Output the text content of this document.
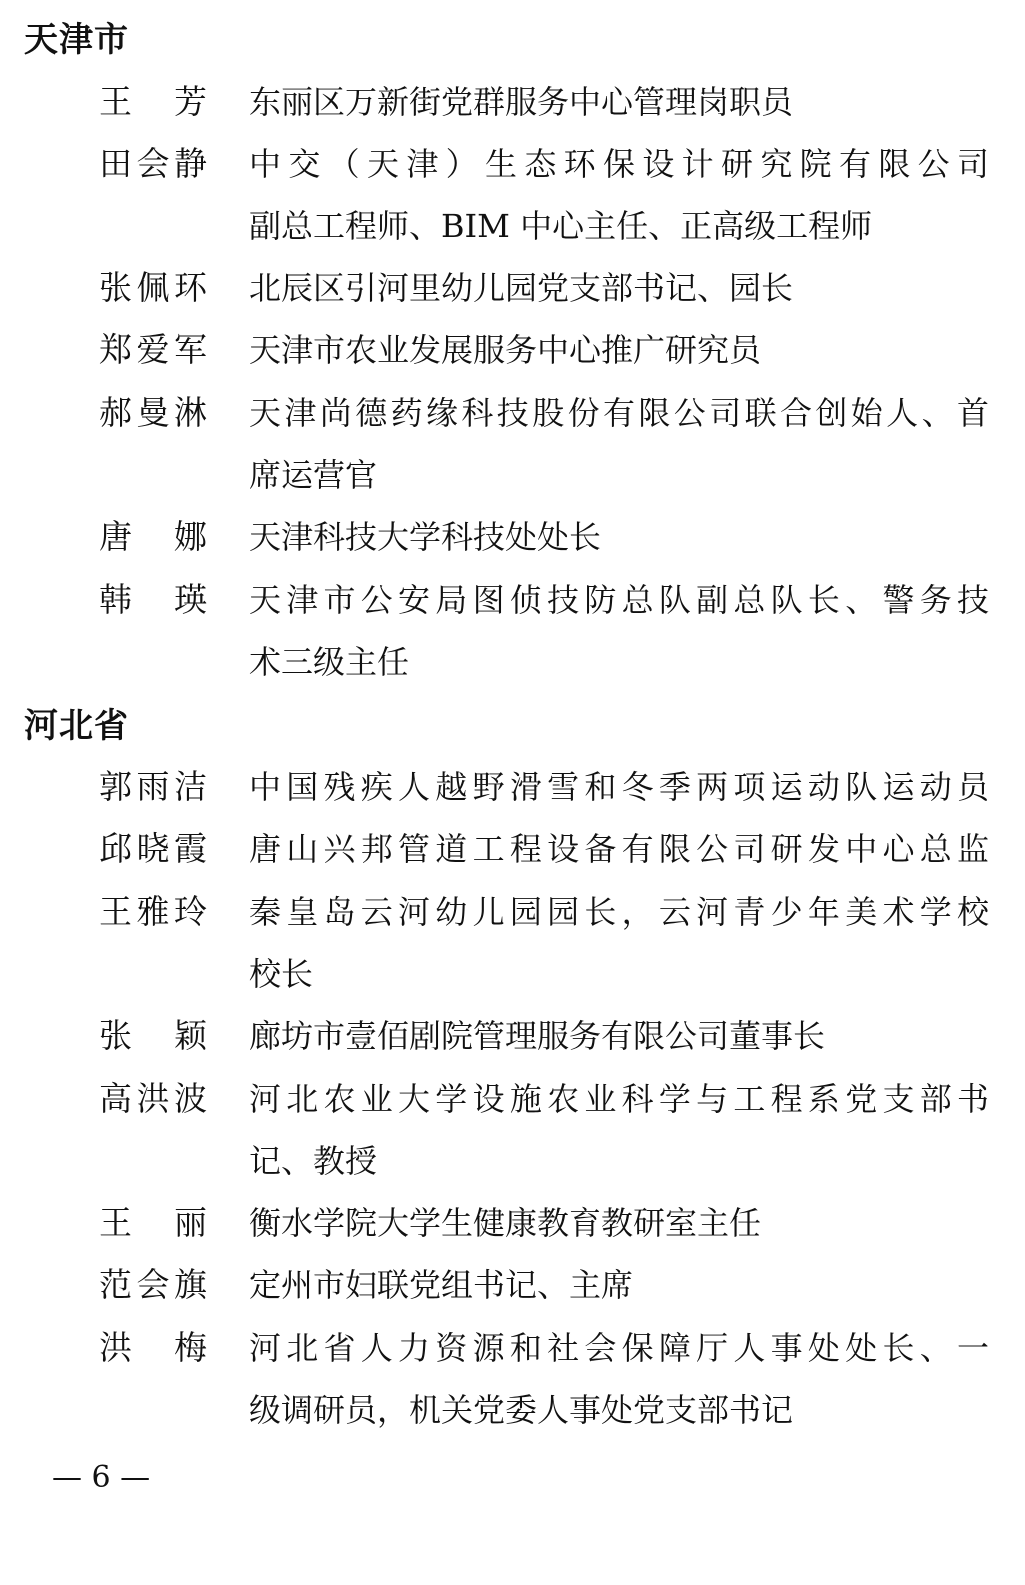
天津市
王 芳 东丽区万新街党群服务中心管理岗职员
田 会 静 中交（天津）生态环保设计研究院有限公司
副总工程师、BIM 中心主任、正高级工程师
张 佩 环 北辰区引河里幼儿园党支部书记、园长
郑 爱 军 天津市农业发展服务中心推广研究员
郝 曼 淋 天津尚德药缘科技股份有限公司联合创始人、首
席运营官
唐 娜 天津科技大学科技处处长
韩 瑛 天津市公安局图侦技防总队副总队长、警务技
术三级主任
河北省
郭 雨 洁 中国残疾人越野滑雪和冬季两项运动队运动员
邱 晓 霞 唐山兴邦管道工程设备有限公司研发中心总监
王 雅 玲 秦皇岛云河幼儿园园长，云河青少年美术学校
校长
张 颖 廊坊市壹佰剧院管理服务有限公司董事长
高 洪 波 河北农业大学设施农业科学与工程系党支部书
记、教授
王 丽 衡水学院大学生健康教育教研室主任
范 会 旗 定州市妇联党组书记、主席
洪 梅 河北省人力资源和社会保障厅人事处处长、一
级调研员，机关党委人事处党支部书记
— 6 —
